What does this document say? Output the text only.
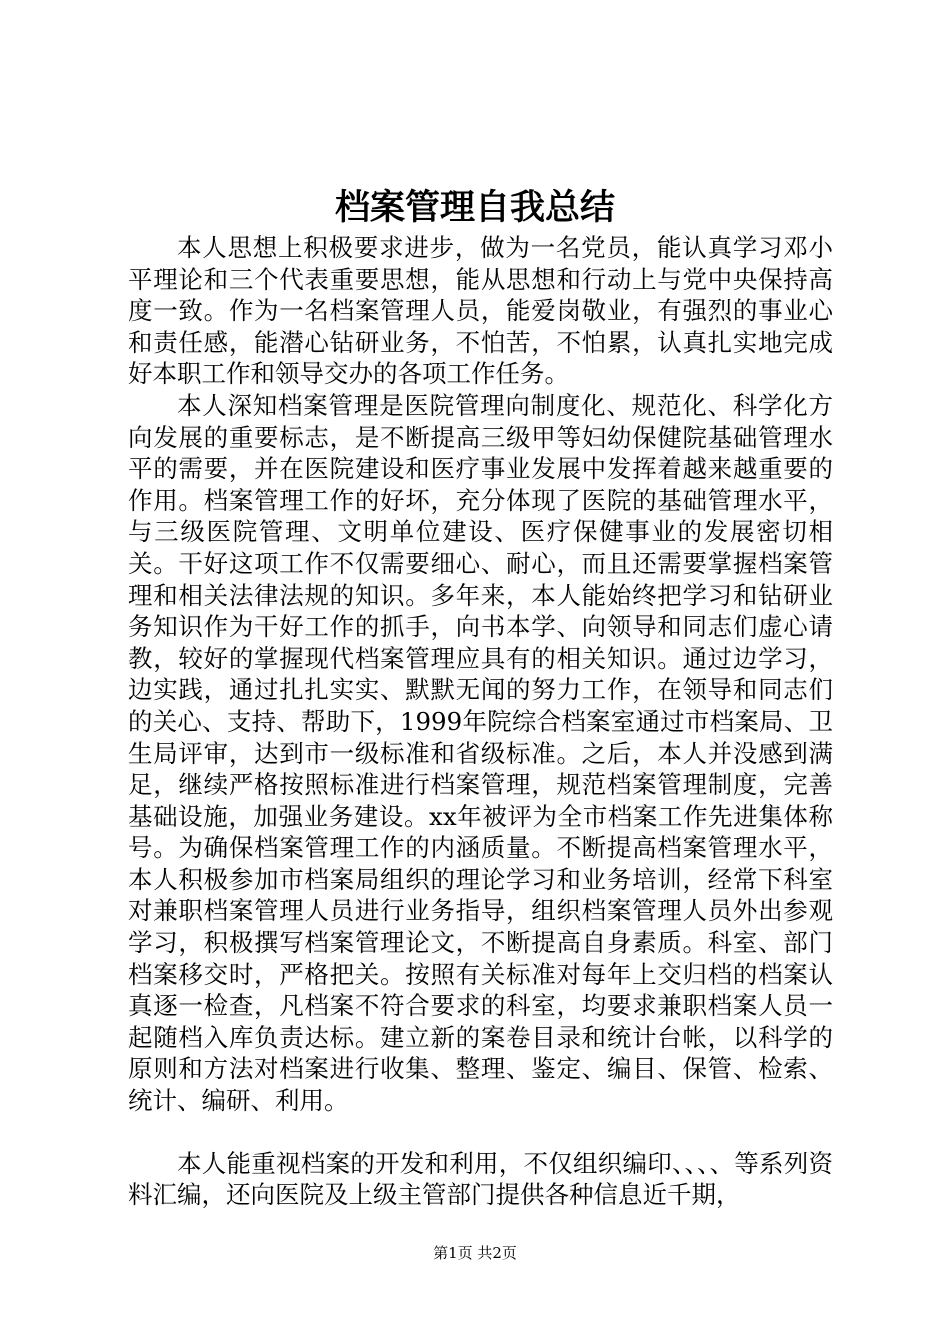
档案管理自我总结

本人思想上积极要求进步，做为一名党员，能认真学习邓小平理论和三个代表重要思想，能从思想和行动上与党中央保持高度一致。作为一名档案管理人员，能爱岗敬业，有强烈的事业心和责任感，能潜心钻研业务，不怕苦，不怕累，认真扎实地完成好本职工作和领导交办的各项工作任务。

本人深知档案管理是医院管理向制度化、规范化、科学化方向发展的重要标志，是不断提高三级甲等妇幼保健院基础管理水平的需要，并在医院建设和医疗事业发展中发挥着越来越重要的作用。档案管理工作的好坏，充分体现了医院的基础管理水平，与三级医院管理、文明单位建设、医疗保健事业的发展密切相关。干好这项工作不仅需要细心、耐心，而且还需要掌握档案管理和相关法律法规的知识。多年来，本人能始终把学习和钻研业务知识作为干好工作的抓手，向书本学、向领导和同志们虚心请教，较好的掌握现代档案管理应具有的相关知识。通过边学习，边实践，通过扎扎实实、默默无闻的努力工作，在领导和同志们的关心、支持、帮助下，1999年院综合档案室通过市档案局、卫生局评审，达到市一级标准和省级标准。之后，本人并没感到满足，继续严格按照标准进行档案管理，规范档案管理制度，完善基础设施，加强业务建设。xx年被评为全市档案工作先进集体称号。为确保档案管理工作的内涵质量。不断提高档案管理水平，本人积极参加市档案局组织的理论学习和业务培训，经常下科室对兼职档案管理人员进行业务指导，组织档案管理人员外出参观学习，积极撰写档案管理论文，不断提高自身素质。科室、部门档案移交时，严格把关。按照有关标准对每年上交归档的档案认真逐一检查，凡档案不符合要求的科室，均要求兼职档案人员一起随档入库负责达标。建立新的案卷目录和统计台帐，以科学的原则和方法对档案进行收集、整理、鉴定、编目、保管、检索、统计、编研、利用。

本人能重视档案的开发和利用，不仅组织编印、、、、等系列资料汇编，还向医院及上级主管部门提供各种信息近千期，

第1页 共2页
